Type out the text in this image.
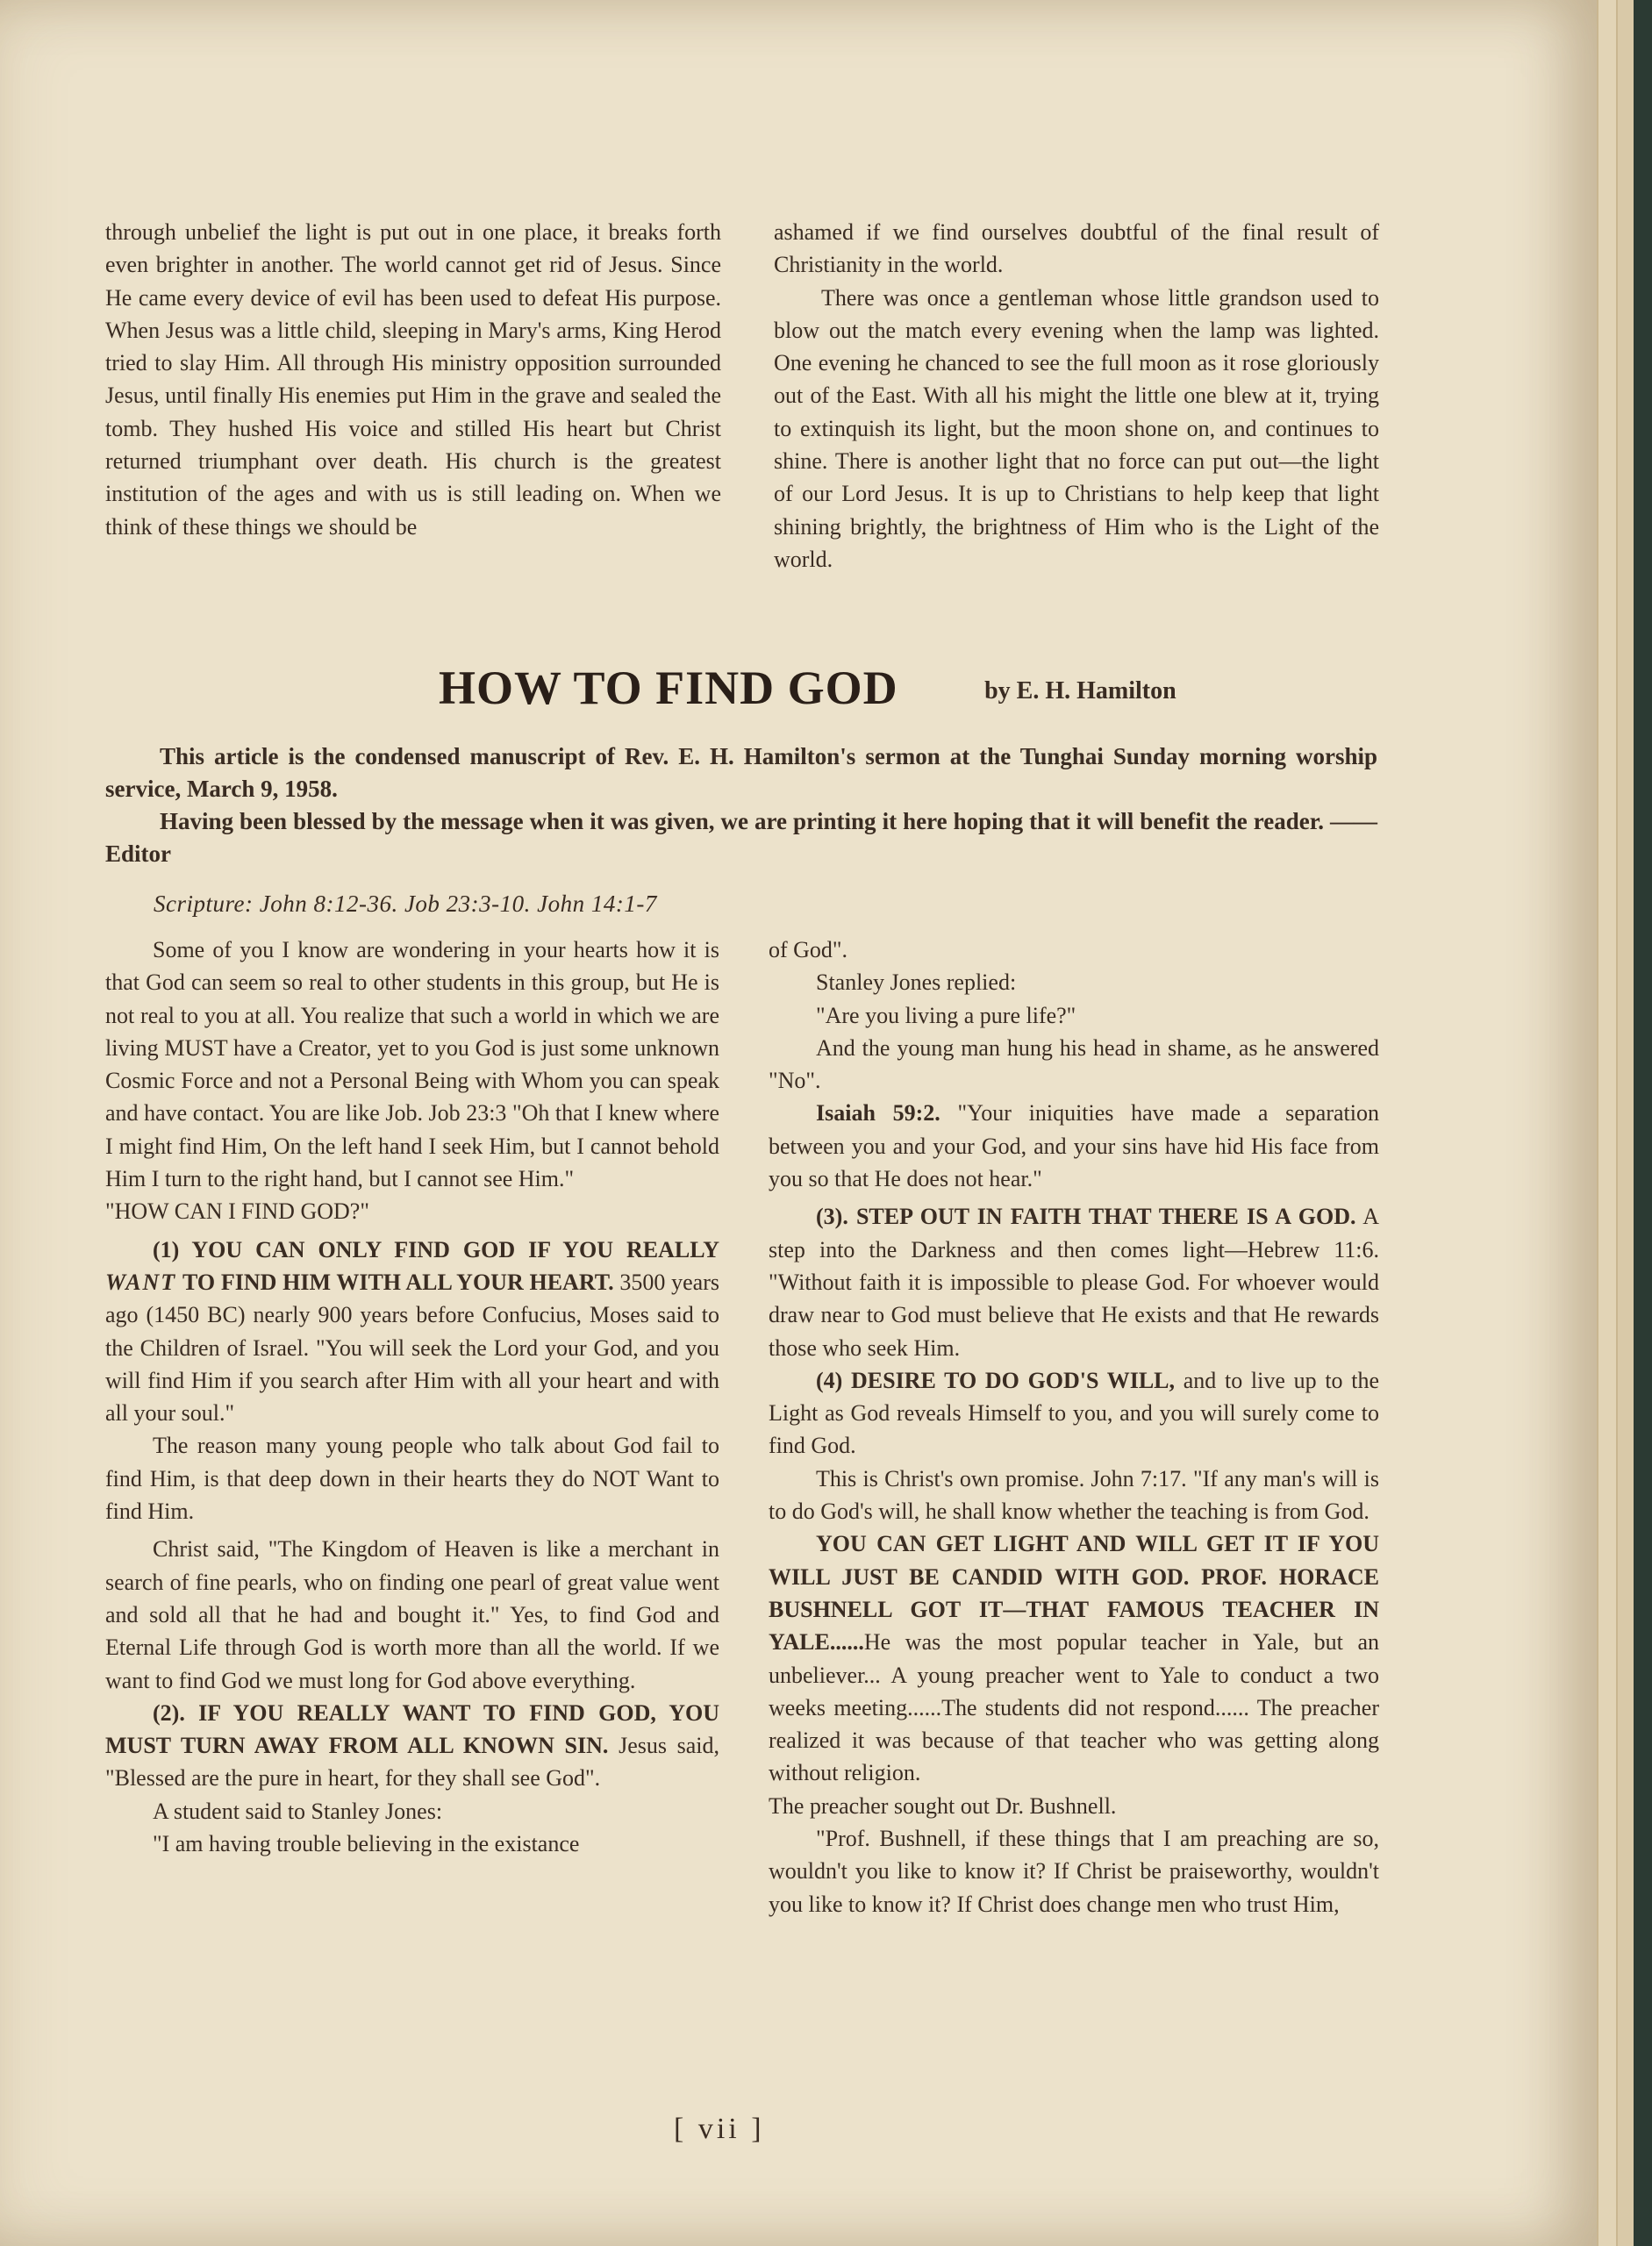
through unbelief the light is put out in one place, it breaks forth even brighter in another. The world cannot get rid of Jesus. Since He came every device of evil has been used to defeat His purpose. When Jesus was a little child, sleeping in Mary's arms, King Herod tried to slay Him. All through His ministry opposition surrounded Jesus, until finally His enemies put Him in the grave and sealed the tomb. They hushed His voice and stilled His heart but Christ returned triumphant over death. His church is the greatest institution of the ages and with us is still leading on. When we think of these things we should be

ashamed if we find ourselves doubtful of the final result of Christianity in the world.

There was once a gentleman whose little grandson used to blow out the match every evening when the lamp was lighted. One evening he chanced to see the full moon as it rose gloriously out of the East. With all his might the little one blew at it, trying to extinquish its light, but the moon shone on, and continues to shine. There is another light that no force can put out—the light of our Lord Jesus. It is up to Christians to help keep that light shining brightly, the brightness of Him who is the Light of the world.

HOW TO FIND GOD	by E. H. Hamilton
This article is the condensed manuscript of Rev. E. H. Hamilton's sermon at the Tunghai Sunday morning worship service, March 9, 1958.
Having been blessed by the message when it was given, we are printing it here hoping that it will benefit the reader. ——Editor
Scripture: John 8:12-36. Job 23:3-10. John 14:1-7

Some of you I know are wondering in your hearts how it is that God can seem so real to other students in this group, but He is not real to you at all. You realize that such a world in which we are living MUST have a Creator, yet to you God is just some unknown Cosmic Force and not a Personal Being with Whom you can speak and have contact. You are like Job. Job 23:3 "Oh that I knew where I might find Him, On the left hand I seek Him, but I cannot behold Him I turn to the right hand, but I cannot see Him."

"HOW CAN I FIND GOD?"

(1) YOU CAN ONLY FIND GOD IF YOU REALLY WANT TO FIND HIM WITH ALL YOUR HEART. 3500 years ago (1450 BC) nearly 900 years before Confucius, Moses said to the Children of Israel. "You will seek the Lord your God, and you will find Him if you search after Him with all your heart and with all your soul."

The reason many young people who talk about God fail to find Him, is that deep down in their hearts they do NOT Want to find Him.

Christ said, "The Kingdom of Heaven is like a merchant in search of fine pearls, who on finding one pearl of great value went and sold all that he had and bought it." Yes, to find God and Eternal Life through God is worth more than all the world. If we want to find God we must long for God above everything.

(2). IF YOU REALLY WANT TO FIND GOD, YOU MUST TURN AWAY FROM ALL KNOWN SIN. Jesus said, "Blessed are the pure in heart, for they shall see God".

A student said to Stanley Jones:

"I am having trouble believing in the existance

of God".

Stanley Jones replied:

"Are you living a pure life?"

And the young man hung his head in shame, as he answered "No".

Isaiah 59:2. "Your iniquities have made a separation between you and your God, and your sins have hid His face from you so that He does not hear."

(3). STEP OUT IN FAITH THAT THERE IS A GOD. A step into the Darkness and then comes light—Hebrew 11:6. "Without faith it is impossible to please God. For whoever would draw near to God must believe that He exists and that He rewards those who seek Him.

(4) DESIRE TO DO GOD'S WILL, and to live up to the Light as God reveals Himself to you, and you will surely come to find God.

This is Christ's own promise. John 7:17. "If any man's will is to do God's will, he shall know whether the teaching is from God.

YOU CAN GET LIGHT AND WILL GET IT IF YOU WILL JUST BE CANDID WITH GOD. PROF. HORACE BUSHNELL GOT IT—THAT FAMOUS TEACHER IN YALE......He was the most popular teacher in Yale, but an unbeliever... A young preacher went to Yale to conduct a two weeks meeting......The students did not respond...... The preacher realized it was because of that teacher who was getting along without religion.

The preacher sought out Dr. Bushnell.

"Prof. Bushnell, if these things that I am preaching are so, wouldn't you like to know it? If Christ be praiseworthy, wouldn't you like to know it? If Christ does change men who trust Him,

[ vii ]
